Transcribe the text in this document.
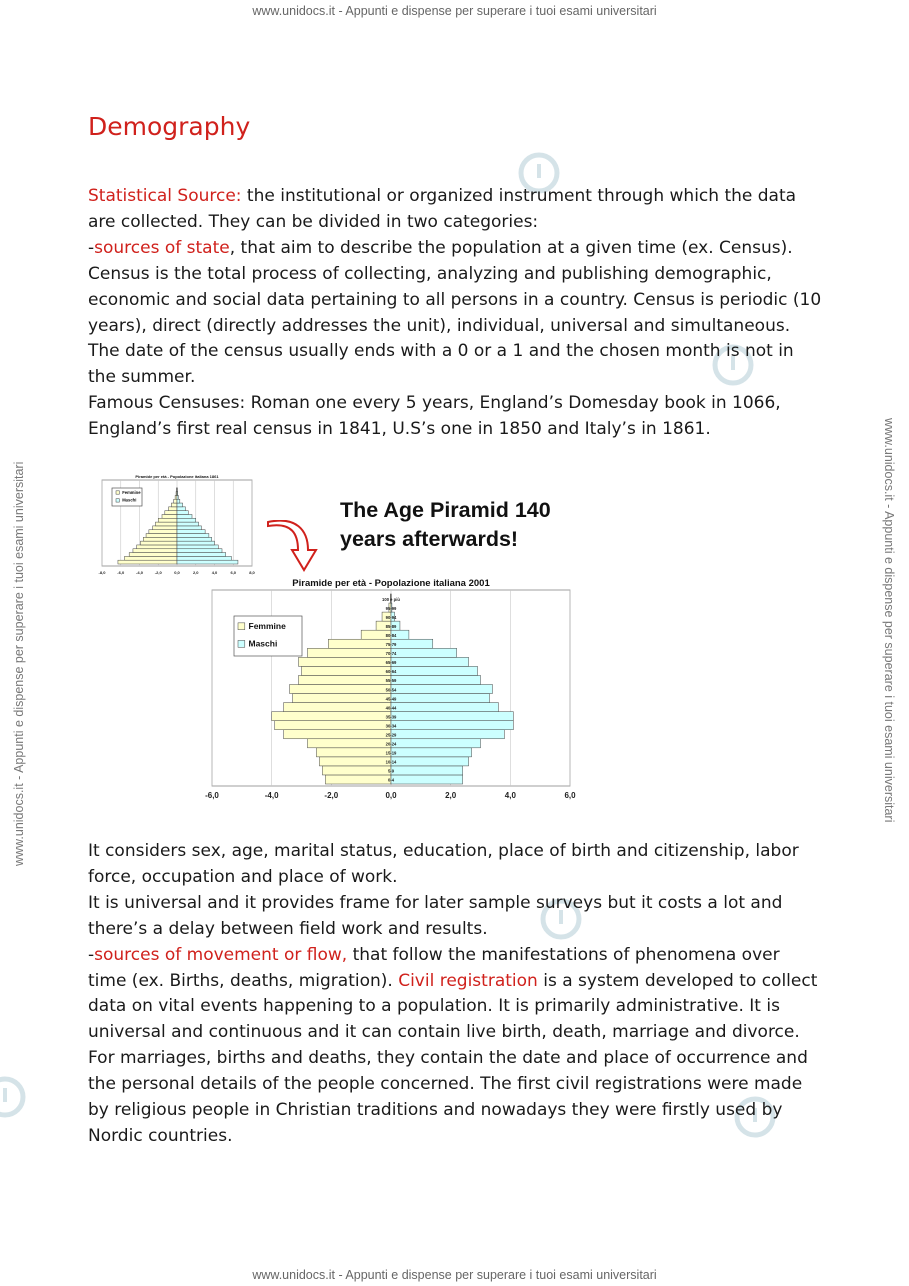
www.unidocs.it - Appunti e dispense per superare i tuoi esami universitari
www.unidocs.it - Appunti e dispense per superare i tuoi esami universitari
www.unidocs.it - Appunti e dispense per superare i tuoi esami universitari	www.unidocs.it - Appunti e dispense per superare i tuoi esami universitari
Demography

Statistical Source: the institutional or organized instrument through which the data are collected. They can be divided in two categories:
-sources of state, that aim to describe the population at a given time (ex. Census). Census is the total process of collecting, analyzing and publishing demographic, economic and social data pertaining to all persons in a country. Census is periodic (10 years), direct (directly addresses the unit), individual, universal and simultaneous. The date of the census usually ends with a 0 or a 1 and the chosen month is not in the summer.
Famous Censuses: Roman one every 5 years, England’s Domesday book in 1066, England’s first real census in 1841, U.S’s one in 1850 and Italy’s in 1861.

Piramide per età - Popolazione italiana 1861
-8,0	-6,0	-4,0	-2,0	0,0	2,0	4,0	6,0	8,0
Femmine
Maschi	The Age Piramid 140
years afterwards!

Piramide per età - Popolazione italiana 2001
-6,0	-4,0	-2,0	0,0	2,0	4,0	6,0
0-4
5-9
10-14
15-19
20-24
25-29
30-34
35-39
40-44
45-49
50-54
55-59
60-64
65-69
70-74
75-79
80-84
85-89
90-94
95-99
100 e più
Femmine
Maschi

It considers sex, age, marital status, education, place of birth and citizenship, labor force, occupation and place of work.
It is universal and it provides frame for later sample surveys but it costs a lot and there’s a delay between field work and results.
-sources of movement or flow, that follow the manifestations of phenomena over time (ex. Births, deaths, migration). Civil registration is a system developed to collect data on vital events happening to a population. It is primarily administrative. It is universal and continuous and it can contain live birth, death, marriage and divorce. For marriages, births and deaths, they contain the date and place of occurrence and the personal details of the people concerned. The first civil registrations were made by religious people in Christian traditions and nowadays they were firstly used by Nordic countries.
